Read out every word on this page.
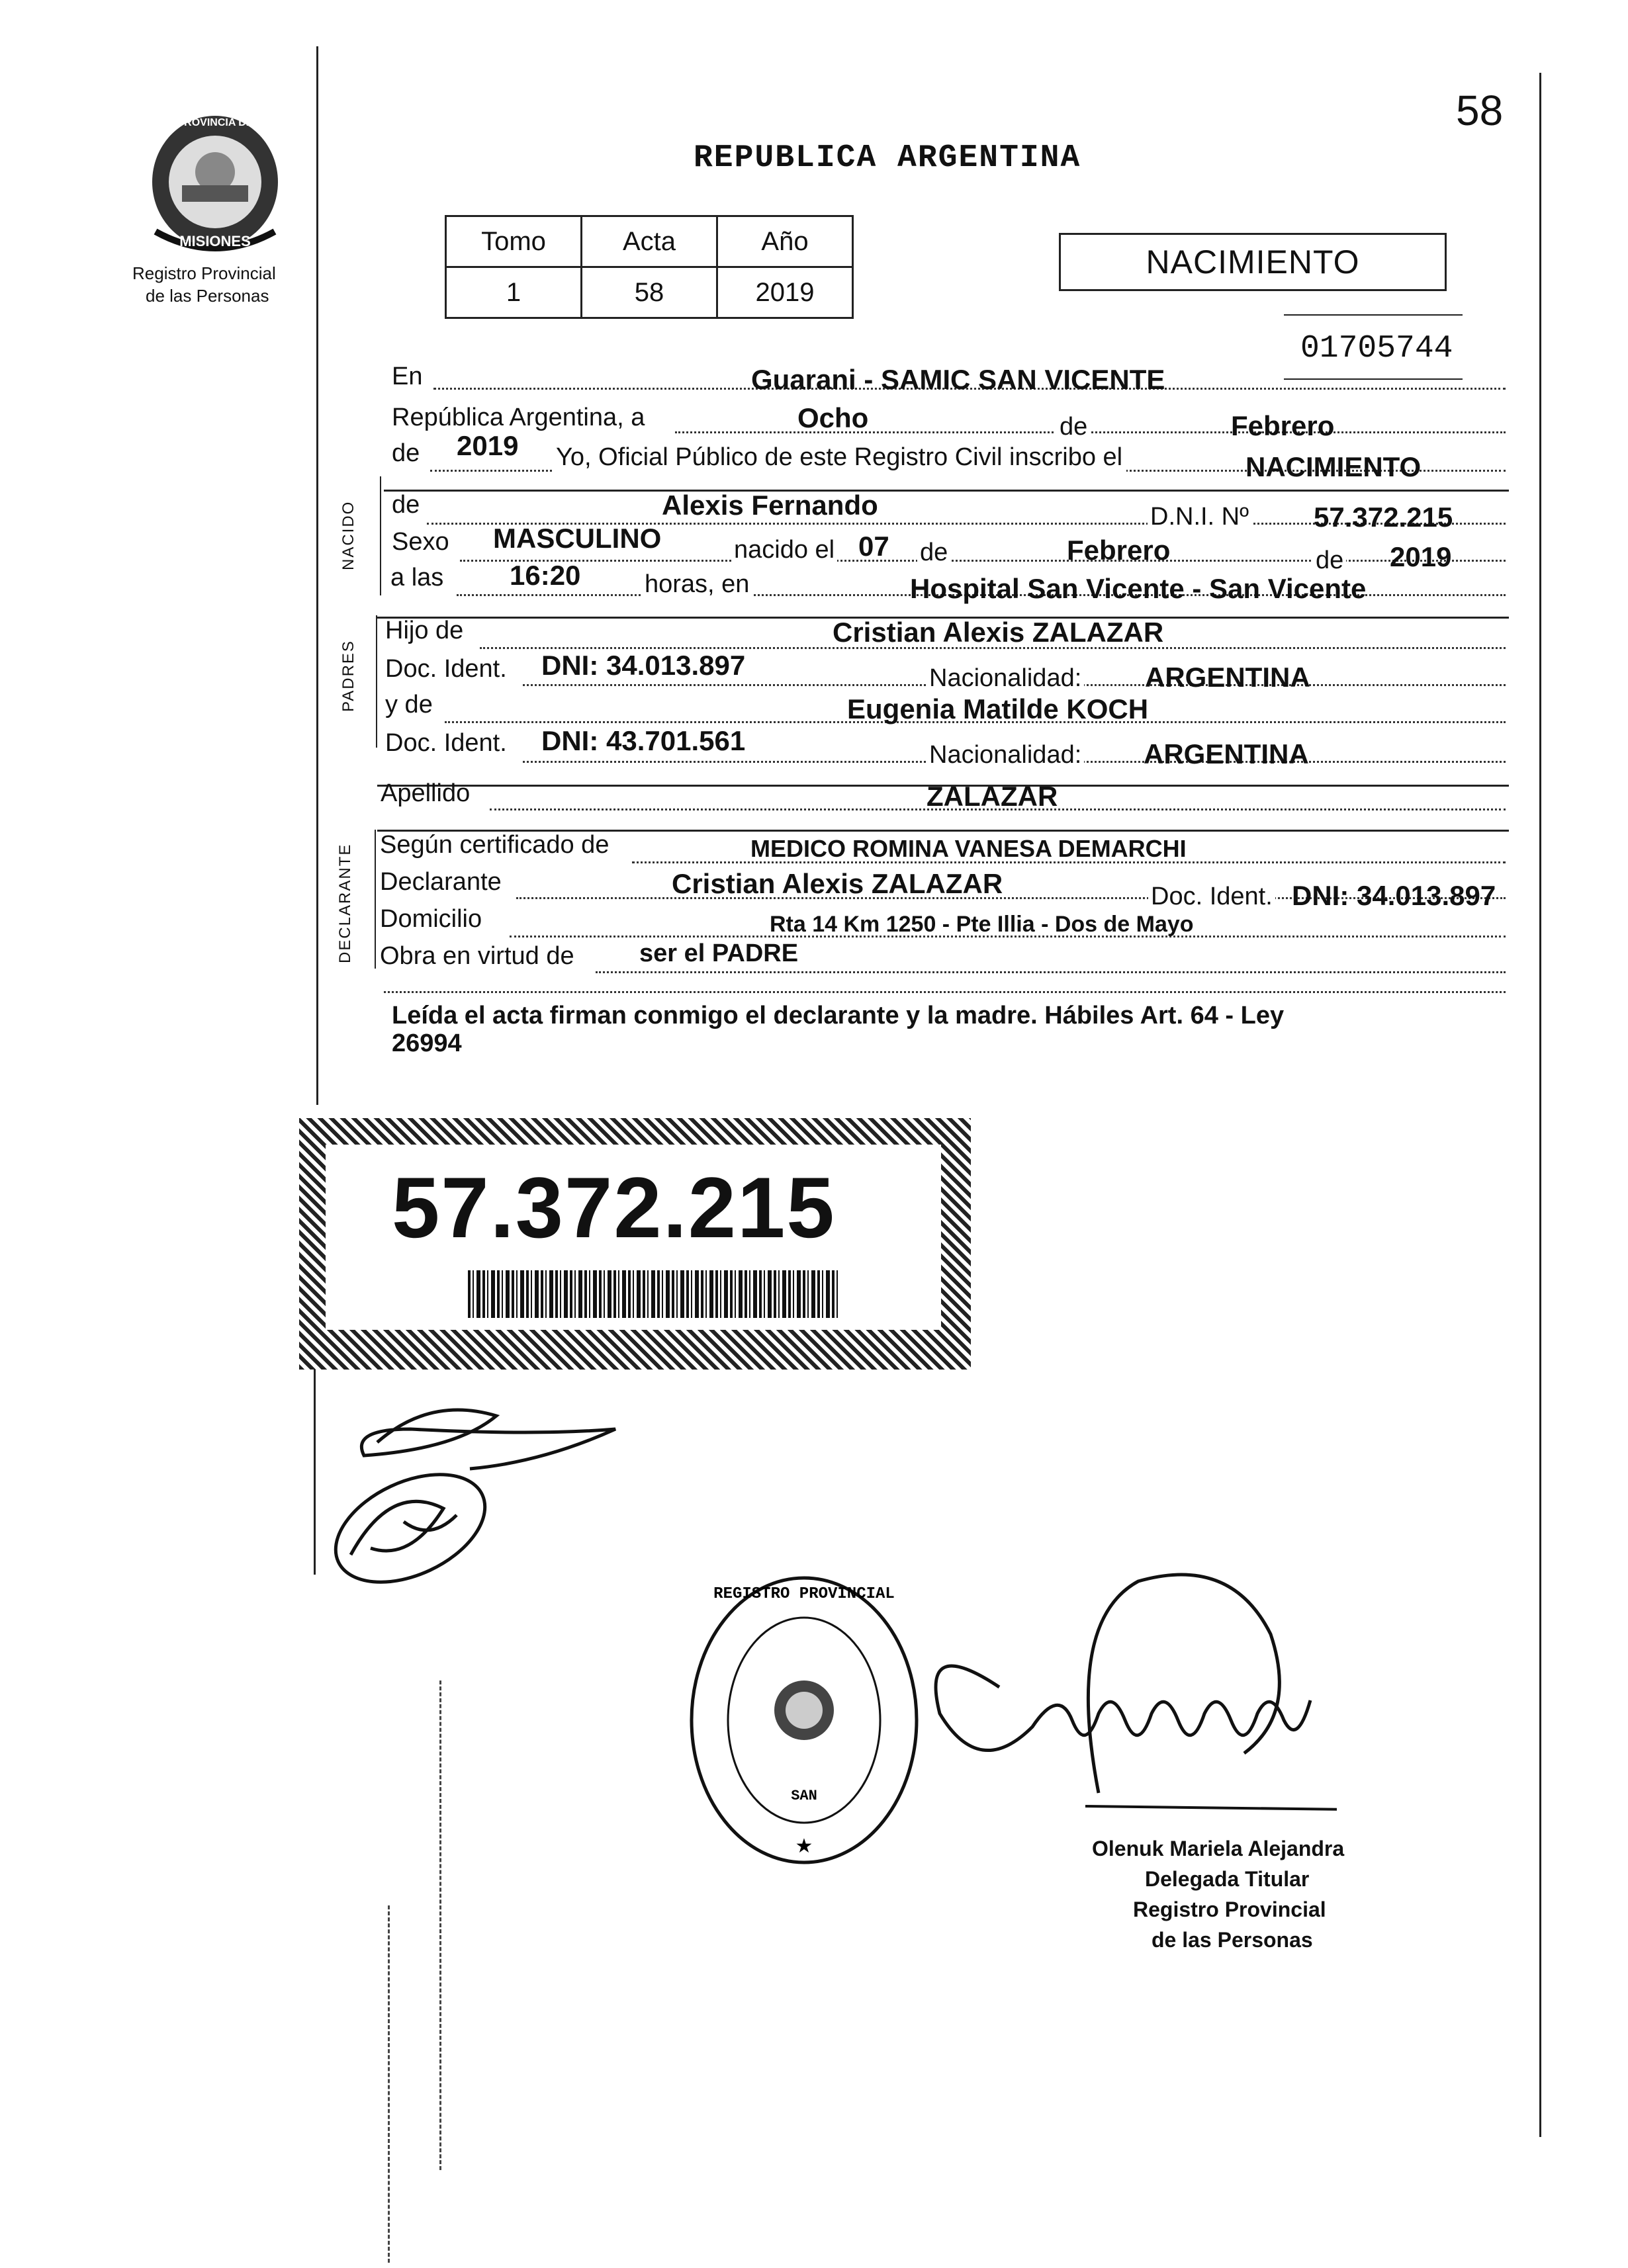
58
PROVINCIA DE
MISIONES
Registro Provincial
de las Personas
REPUBLICA ARGENTINA
Tomo	Acta	Año
1	58	2019
NACIMIENTO
01705744
En	Guarani - SAMIC SAN VICENTE
República Argentina, a	Ocho	de	Febrero
de 2019 Yo, Oficial Público de este Registro Civil inscribo el	NACIMIENTO
NACIDO de	Alexis Fernando	D.N.I. Nº 57.372.215
Sexo MASCULINO	nacido el 07 de	Febrero	de 2019
a las 16:20	horas, en	Hospital San Vicente - San Vicente
PADRES
Hijo de	Cristian Alexis ZALAZAR
Doc. Ident. DNI: 34.013.897	Nacionalidad: ARGENTINA
y de	Eugenia Matilde KOCH
Doc. Ident. DNI: 43.701.561	Nacionalidad: ARGENTINA
Apellido	ZALAZAR
DECLARANTE Según certificado de	MEDICO ROMINA VANESA DEMARCHI
Declarante	Cristian Alexis ZALAZAR	Doc. Ident. DNI: 34.013.897
Domicilio	Rta 14 Km 1250 - Pte Illia - Dos de Mayo
Obra en virtud de	ser el PADRE
Leída el acta firman conmigo el declarante y la madre. Hábiles Art. 64 - Ley
26994
57.372.215
REGISTRO PROVINCIAL
★
SAN
Olenuk Mariela Alejandra
Delegada Titular
Registro Provincial
de las Personas
